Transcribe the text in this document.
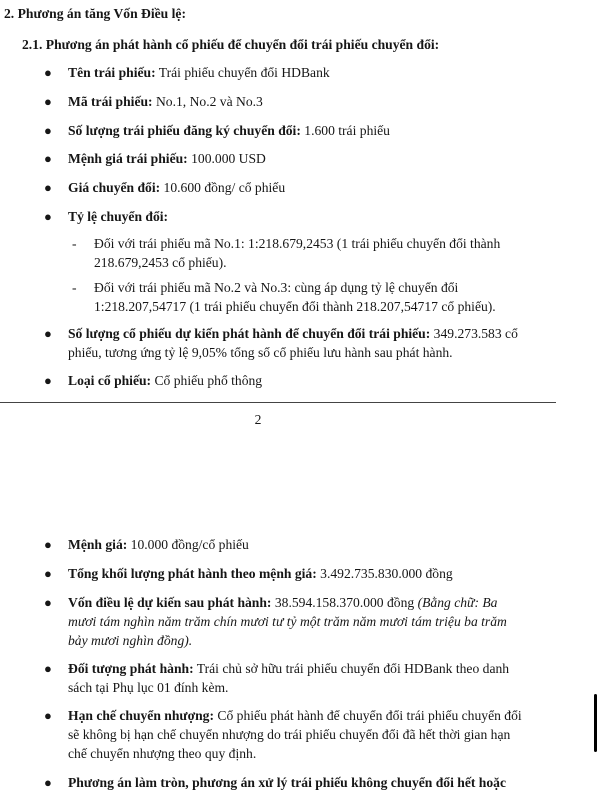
2. Phương án tăng Vốn Điều lệ:
2.1. Phương án phát hành cổ phiếu để chuyển đổi trái phiếu chuyển đổi:
● Tên trái phiếu: Trái phiếu chuyển đổi HDBank
● Mã trái phiếu: No.1, No.2 và No.3
● Số lượng trái phiếu đăng ký chuyển đổi: 1.600 trái phiếu
● Mệnh giá trái phiếu: 100.000 USD
● Giá chuyển đổi: 10.600 đồng/ cổ phiếu
● Tỷ lệ chuyển đổi:
- Đối với trái phiếu mã No.1: 1:218.679,2453 (1 trái phiếu chuyển đổi thành
218.679,2453 cổ phiếu).
- Đối với trái phiếu mã No.2 và No.3: cùng áp dụng tỷ lệ chuyển đổi
1:218.207,54717 (1 trái phiếu chuyển đổi thành 218.207,54717 cổ phiếu).
● Số lượng cổ phiếu dự kiến phát hành để chuyển đổi trái phiếu: 349.273.583 cổ
phiếu, tương ứng tỷ lệ 9,05% tổng số cổ phiếu lưu hành sau phát hành.
● Loại cổ phiếu: Cổ phiếu phổ thông
2
● Mệnh giá: 10.000 đồng/cổ phiếu
● Tổng khối lượng phát hành theo mệnh giá: 3.492.735.830.000 đồng
● Vốn điều lệ dự kiến sau phát hành: 38.594.158.370.000 đồng (Bằng chữ: Ba
mươi tám nghìn năm trăm chín mươi tư tỷ một trăm năm mươi tám triệu ba trăm
bảy mươi nghìn đồng).
● Đối tượng phát hành: Trái chủ sở hữu trái phiếu chuyển đổi HDBank theo danh
sách tại Phụ lục 01 đính kèm.
● Hạn chế chuyển nhượng: Cổ phiếu phát hành để chuyển đổi trái phiếu chuyển đổi
sẽ không bị hạn chế chuyển nhượng do trái phiếu chuyển đổi đã hết thời gian hạn
chế chuyển nhượng theo quy định.
● Phương án làm tròn, phương án xử lý trái phiếu không chuyển đổi hết hoặc
